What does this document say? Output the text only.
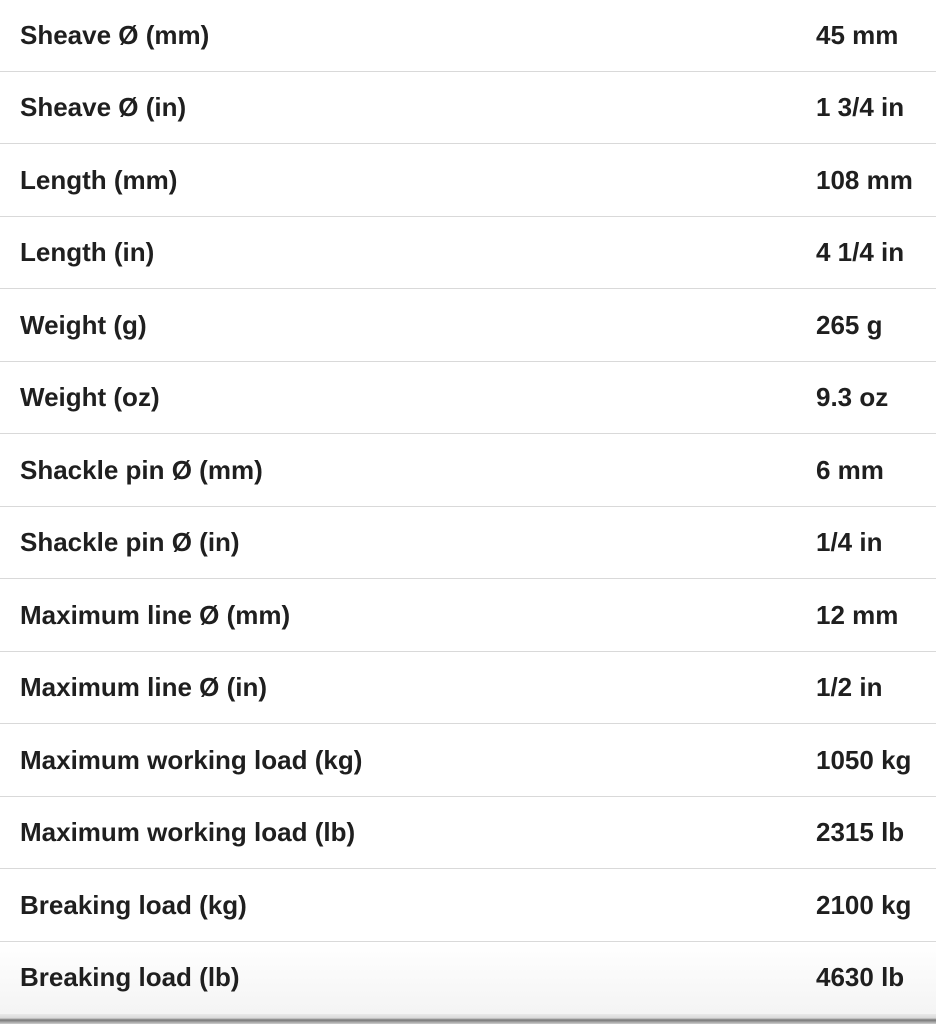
Sheave Ø (mm)	45 mm
Sheave Ø (in)	1 3/4 in
Length (mm)	108 mm
Length (in)	4 1/4 in
Weight (g)	265 g
Weight (oz)	9.3 oz
Shackle pin Ø (mm)	6 mm
Shackle pin Ø (in)	1/4 in
Maximum line Ø (mm)	12 mm
Maximum line Ø (in)	1/2 in
Maximum working load (kg)	1050 kg
Maximum working load (lb)	2315 lb
Breaking load (kg)	2100 kg
Breaking load (lb)	4630 lb
